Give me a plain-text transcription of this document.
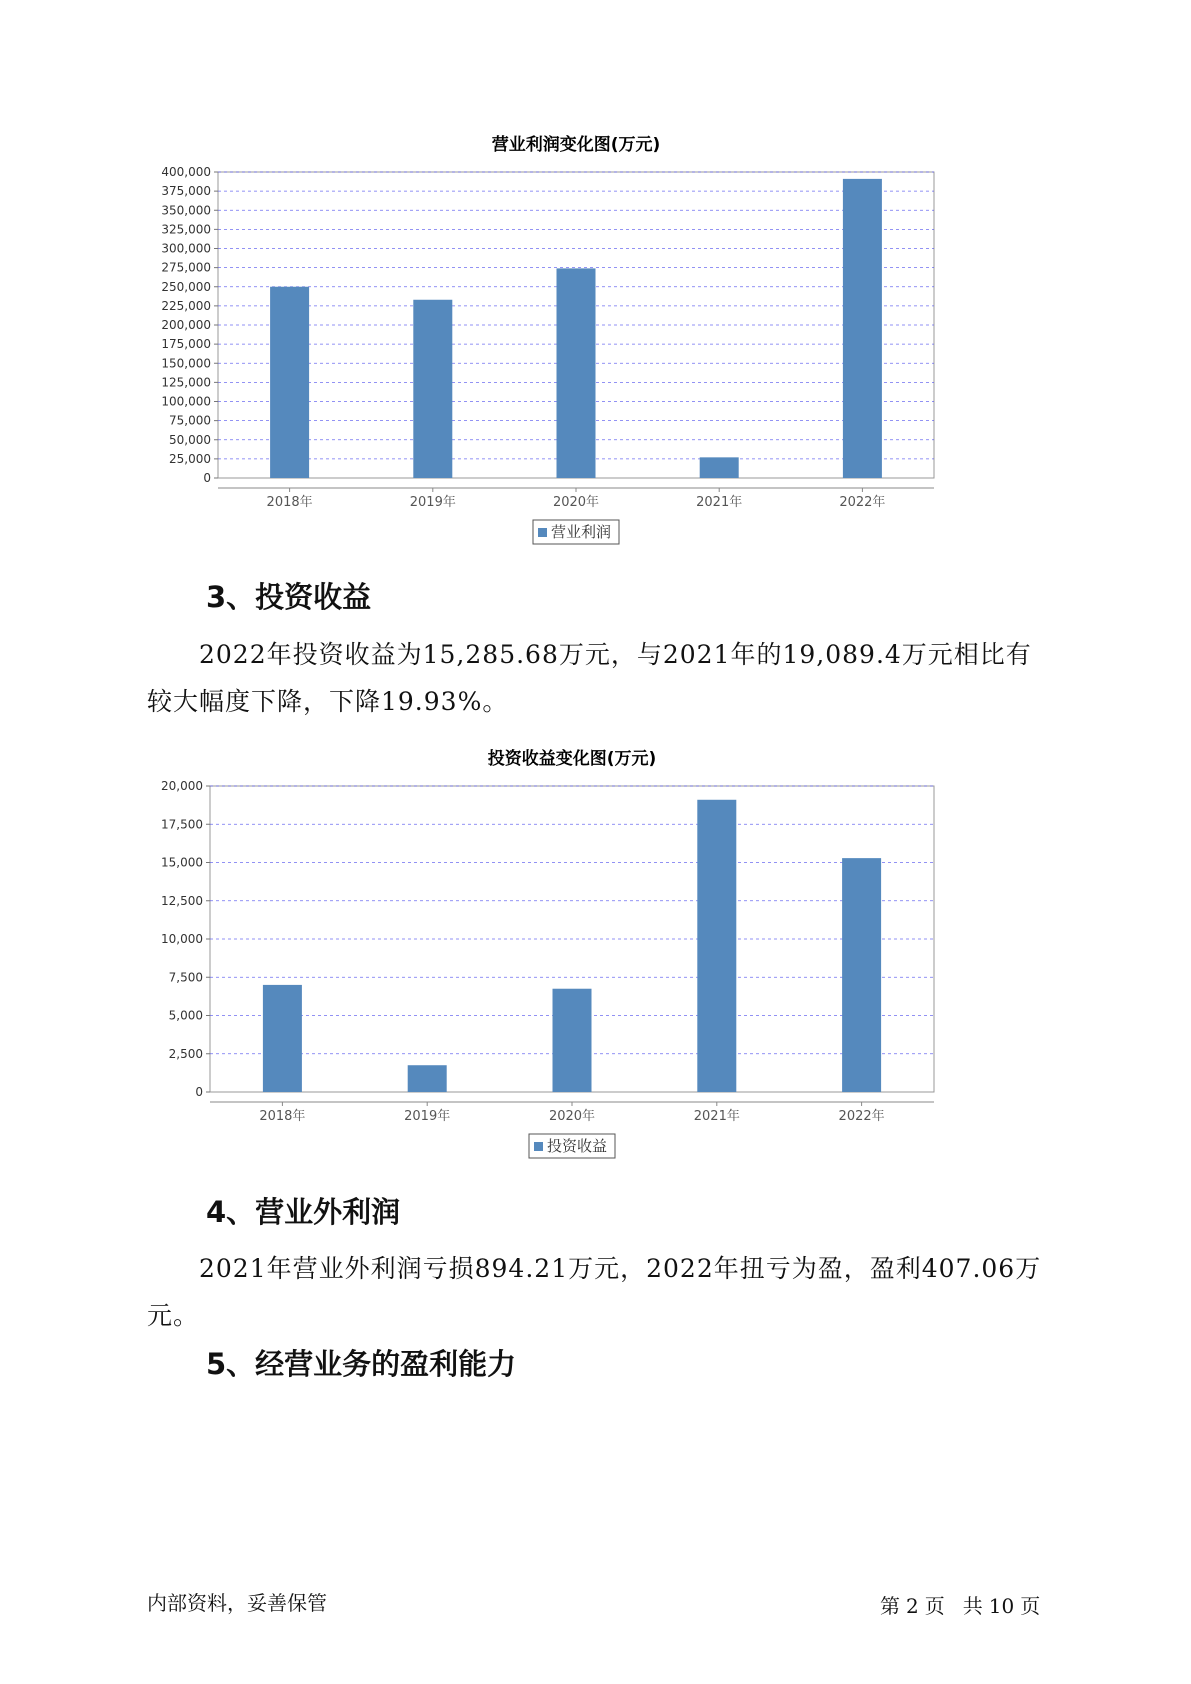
营业利润变化图(万元)
0
25,000
50,000
75,000
100,000
125,000
150,000
175,000
200,000
225,000
250,000
275,000
300,000
325,000
350,000
375,000
400,000
2018年	2019年	2020年	2021年	2022年
营业利润
3、投资收益

2022年投资收益为15,285.68万元，与2021年的19,089.4万元相比有较大幅度下降，下降19.93%。

投资收益变化图(万元)
0
2,500
5,000
7,500
10,000
12,500
15,000
17,500
20,000
2018年	2019年	2020年	2021年	2022年
投资收益
4、营业外利润

2021年营业外利润亏损894.21万元，2022年扭亏为盈，盈利407.06万元。

5、经营业务的盈利能力
内部资料，妥善保管	第 2 页 共 10 页
